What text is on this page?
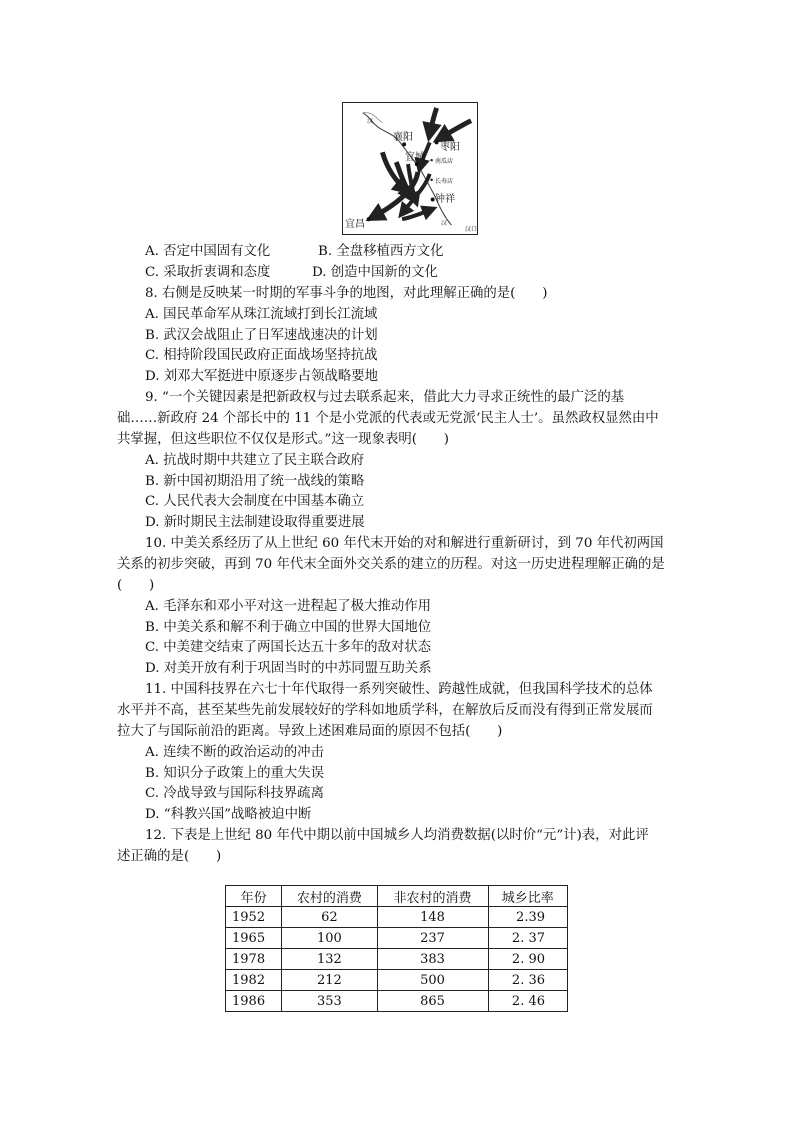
汉
襄阳
枣阳
宜城 南瓜店
长寿店
钟祥
宜昌	汉
汉口
A. 否定中国固有文化	B. 全盘移植西方文化
C. 采取折衷调和态度	D. 创造中国新的文化
8. 右侧是反映某一时期的军事斗争的地图，对此理解正确的是(　　)
A. 国民革命军从珠江流域打到长江流域
B. 武汉会战阻止了日军速战速决的计划
C. 相持阶段国民政府正面战场坚持抗战
D. 刘邓大军挺进中原逐步占领战略要地
9. “一个关键因素是把新政权与过去联系起来，借此大力寻求正统性的最广泛的基
础……新政府 24 个部长中的 11 个是小党派的代表或无党派‘民主人士’。虽然政权显然由中
共掌握，但这些职位不仅仅是形式。”这一现象表明(　　)
A. 抗战时期中共建立了民主联合政府
B. 新中国初期沿用了统一战线的策略
C. 人民代表大会制度在中国基本确立
D. 新时期民主法制建设取得重要进展
10. 中美关系经历了从上世纪 60 年代末开始的对和解进行重新研讨，到 70 年代初两国
关系的初步突破，再到 70 年代末全面外交关系的建立的历程。对这一历史进程理解正确的是
(　　)
A. 毛泽东和邓小平对这一进程起了极大推动作用
B. 中美关系和解不利于确立中国的世界大国地位
C. 中美建交结束了两国长达五十多年的敌对状态
D. 对美开放有利于巩固当时的中苏同盟互助关系
11. 中国科技界在六七十年代取得一系列突破性、跨越性成就，但我国科学技术的总体
水平并不高，甚至某些先前发展较好的学科如地质学科，在解放后反而没有得到正常发展而
拉大了与国际前沿的距离。导致上述困难局面的原因不包括(　　)
A. 连续不断的政治运动的冲击
B. 知识分子政策上的重大失误
C. 冷战导致与国际科技界疏离
D. “科教兴国”战略被迫中断
12. 下表是上世纪 80 年代中期以前中国城乡人均消费数据(以时价“元”计)表，对此评
述正确的是(　　)
年份	农村的消费	非农村的消费	城乡比率
1952	62	148	2.39
1965	100	237	2. 37
1978	132	383	2. 90
1982	212	500	2. 36
1986	353	865	2. 46
